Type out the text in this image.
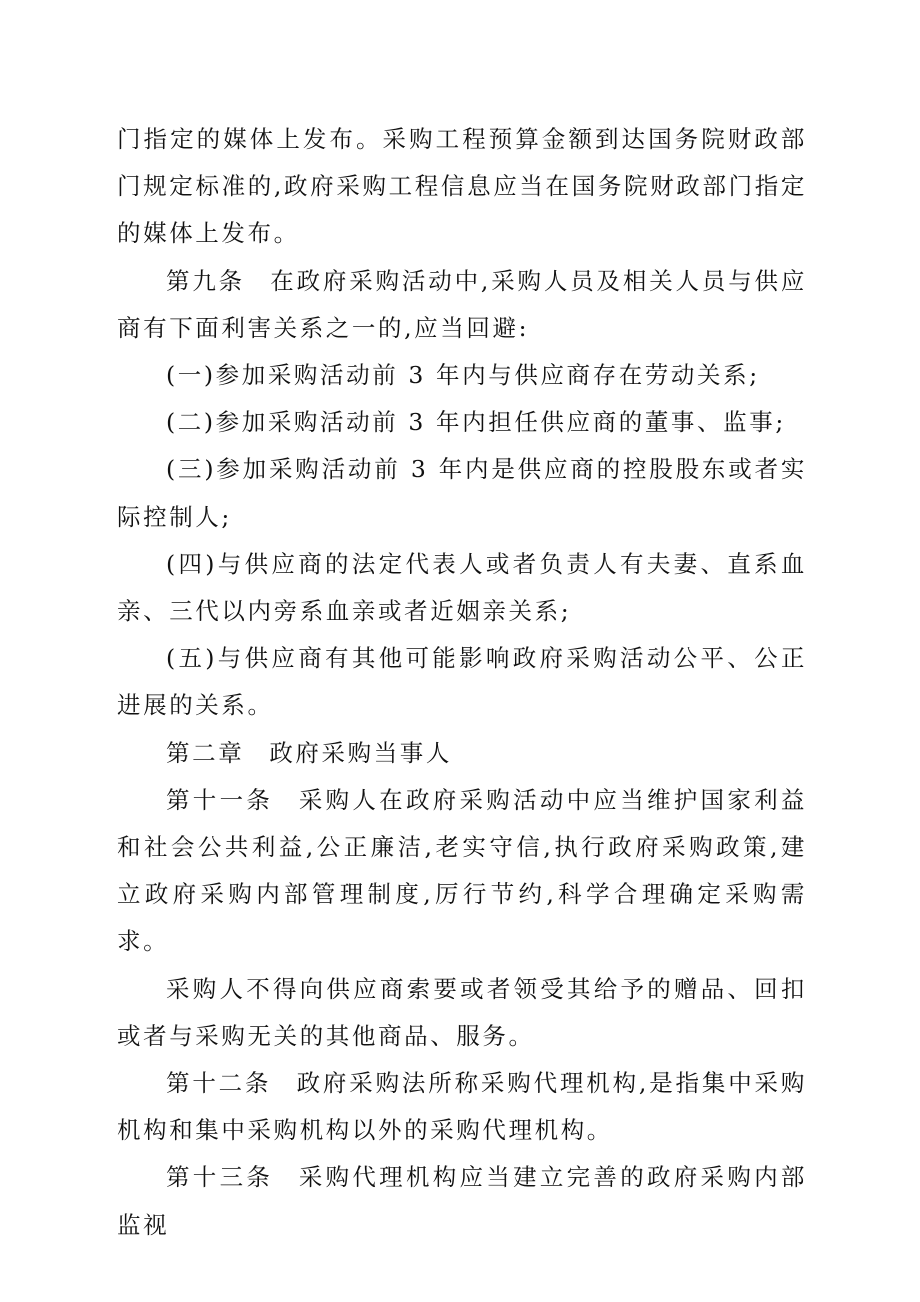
门指定的媒体上发布。采购工程预算金额到达国务院财政部门规定标准的,政府采购工程信息应当在国务院财政部门指定的媒体上发布。

第九条 在政府采购活动中,采购人员及相关人员与供应商有下面利害关系之一的,应当回避:

(一)参加采购活动前 3 年内与供应商存在劳动关系;

(二)参加采购活动前 3 年内担任供应商的董事、监事;

(三)参加采购活动前 3 年内是供应商的控股股东或者实际控制人;

(四)与供应商的法定代表人或者负责人有夫妻、直系血亲、三代以内旁系血亲或者近姻亲关系;

(五)与供应商有其他可能影响政府采购活动公平、公正进展的关系。

第二章 政府采购当事人

第十一条 采购人在政府采购活动中应当维护国家利益和社会公共利益,公正廉洁,老实守信,执行政府采购政策,建立政府采购内部管理制度,厉行节约,科学合理确定采购需求。

采购人不得向供应商索要或者领受其给予的赠品、回扣或者与采购无关的其他商品、服务。

第十二条 政府采购法所称采购代理机构,是指集中采购机构和集中采购机构以外的采购代理机构。

第十三条 采购代理机构应当建立完善的政府采购内部监视
